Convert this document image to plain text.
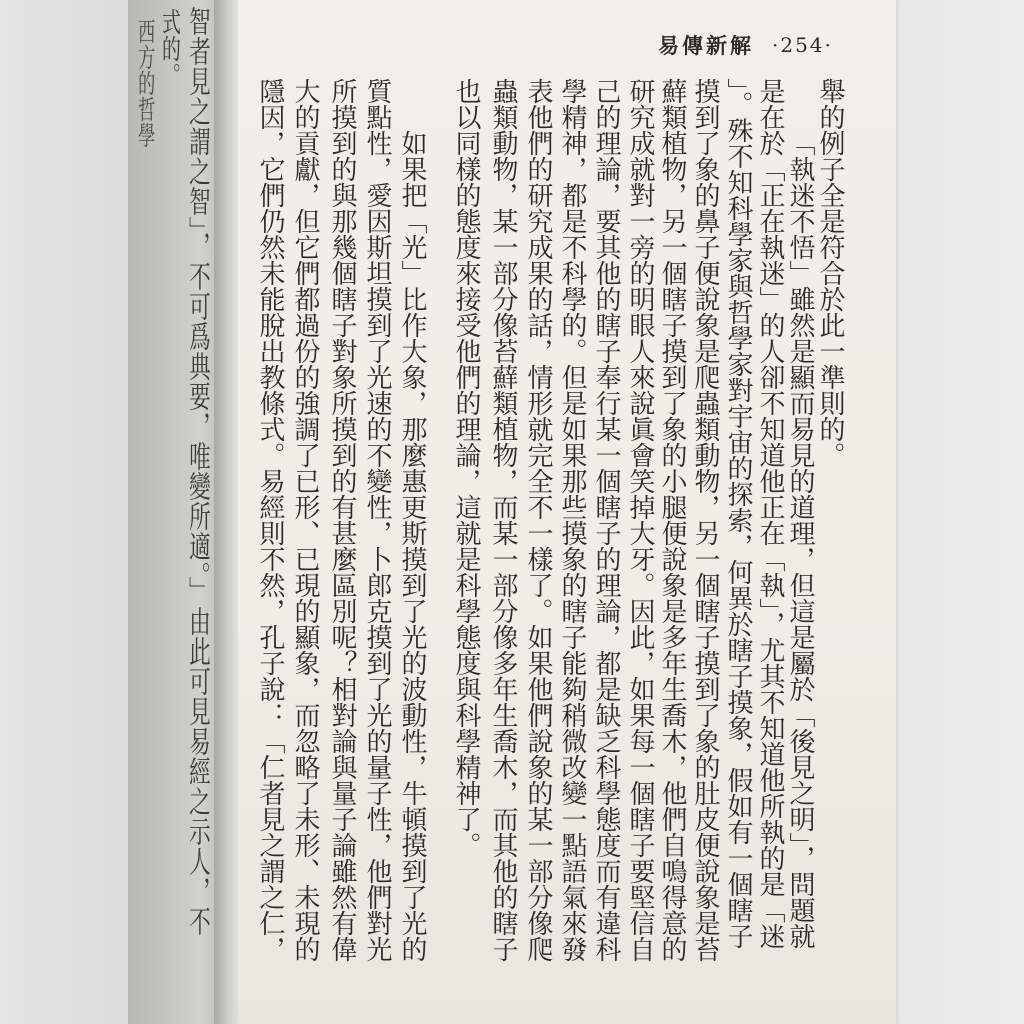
智者見之謂之智」，不可爲典要，唯變所適。」由此可見易經之示人，不
式的。
西方的哲學	易傳新解 ·254·
舉的例子全是符合於此一準則的。
「執迷不悟」雖然是顯而易見的道理，但這是屬於「後見之明」，問題就
是在於「正在執迷」的人卻不知道他正在「執」，尤其不知道他所執的是「迷
」。殊不知科學家與哲學家對宇宙的探索，何異於瞎子摸象，假如有一個瞎子
摸到了象的鼻子便說象是爬蟲類動物，另一個瞎子摸到了象的肚皮便說象是苔
蘚類植物，另一個瞎子摸到了象的小腿便說象是多年生喬木，他們自鳴得意的
研究成就對一旁的明眼人來說眞會笑掉大牙。因此，如果每一個瞎子要堅信自
己的理論，要其他的瞎子奉行某一個瞎子的理論，都是缺乏科學態度而有違科
學精神，都是不科學的。但是如果那些摸象的瞎子能夠稍微改變一點語氣來發
表他們的研究成果的話，情形就完全不一樣了。如果他們說象的某一部分像爬
蟲類動物，某一部分像苔蘚類植物，而某一部分像多年生喬木，而其他的瞎子
也以同樣的態度來接受他們的理論，這就是科學態度與科學精神了。
如果把「光」比作大象，那麼惠更斯摸到了光的波動性，牛頓摸到了光的
質點性，愛因斯坦摸到了光速的不變性，卜郎克摸到了光的量子性，他們對光
所摸到的與那幾個瞎子對象所摸到的有甚麼區別呢？相對論與量子論雖然有偉
大的貢獻，但它們都過份的強調了已形、已現的顯象，而忽略了未形、未現的
隱因，它們仍然未能脫出教條式。易經則不然，孔子說：「仁者見之謂之仁，
